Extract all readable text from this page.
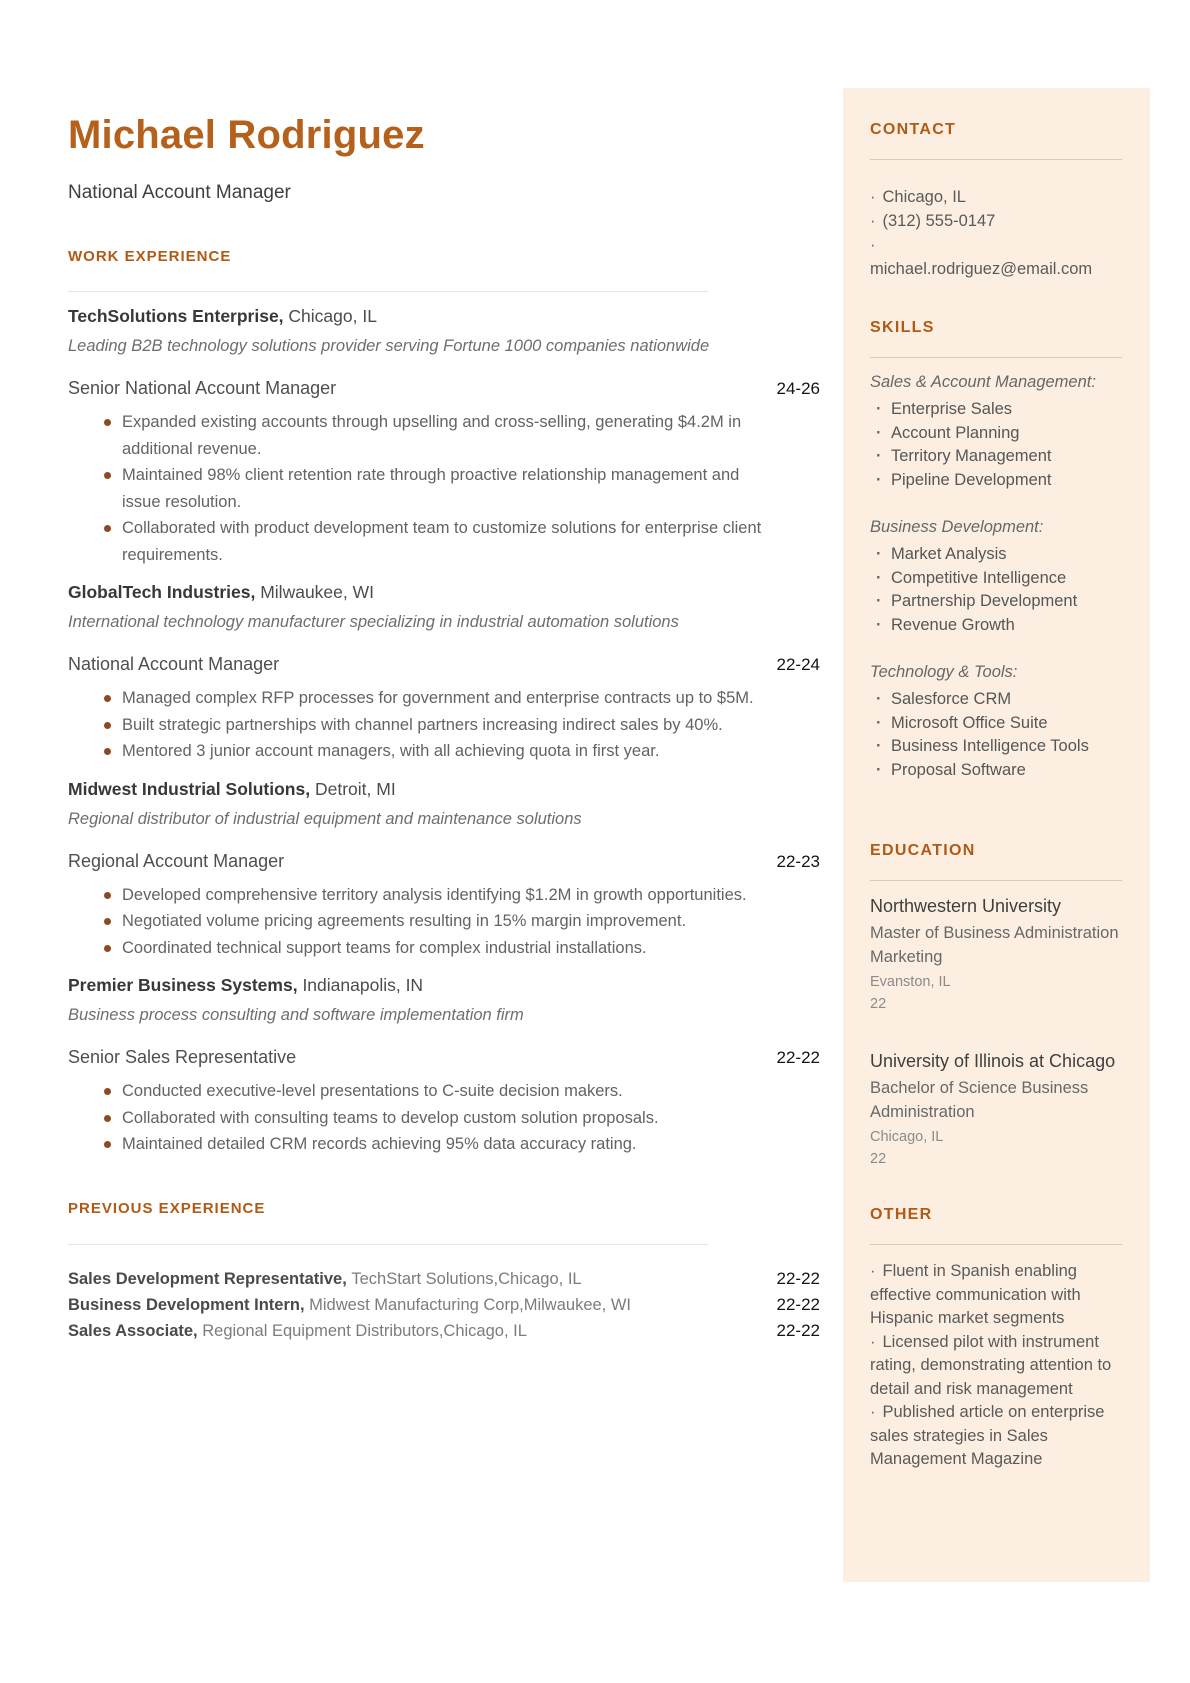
Michael Rodriguez
National Account Manager
WORK EXPERIENCE
TechSolutions Enterprise, Chicago, IL
Leading B2B technology solutions provider serving Fortune 1000 companies nationwide
Senior National Account Manager	24-26
Expanded existing accounts through upselling and cross-selling, generating $4.2M in additional revenue.
Maintained 98% client retention rate through proactive relationship management and issue resolution.
Collaborated with product development team to customize solutions for enterprise client requirements.
GlobalTech Industries, Milwaukee, WI
International technology manufacturer specializing in industrial automation solutions
National Account Manager	22-24
Managed complex RFP processes for government and enterprise contracts up to $5M.
Built strategic partnerships with channel partners increasing indirect sales by 40%.
Mentored 3 junior account managers, with all achieving quota in first year.
Midwest Industrial Solutions, Detroit, MI
Regional distributor of industrial equipment and maintenance solutions
Regional Account Manager	22-23
Developed comprehensive territory analysis identifying $1.2M in growth opportunities.
Negotiated volume pricing agreements resulting in 15% margin improvement.
Coordinated technical support teams for complex industrial installations.
Premier Business Systems, Indianapolis, IN
Business process consulting and software implementation firm
Senior Sales Representative	22-22
Conducted executive-level presentations to C-suite decision makers.
Collaborated with consulting teams to develop custom solution proposals.
Maintained detailed CRM records achieving 95% data accuracy rating.
PREVIOUS EXPERIENCE
Sales Development Representative, TechStart Solutions,Chicago, IL	22-22
Business Development Intern, Midwest Manufacturing Corp,Milwaukee, WI	22-22
Sales Associate, Regional Equipment Distributors,Chicago, IL	22-22
CONTACT
· Chicago, IL
· (312) 555-0147
·
michael.rodriguez@email.com
SKILLS
Sales & Account Management:
· Enterprise Sales
· Account Planning
· Territory Management
· Pipeline Development
Business Development:
· Market Analysis
· Competitive Intelligence
· Partnership Development
· Revenue Growth
Technology & Tools:
· Salesforce CRM
· Microsoft Office Suite
· Business Intelligence Tools
· Proposal Software
EDUCATION
Northwestern University
Master of Business Administration Marketing
Evanston, IL
22
University of Illinois at Chicago
Bachelor of Science Business Administration
Chicago, IL
22
OTHER
· Fluent in Spanish enabling effective communication with Hispanic market segments
· Licensed pilot with instrument rating, demonstrating attention to detail and risk management
· Published article on enterprise sales strategies in Sales Management Magazine
